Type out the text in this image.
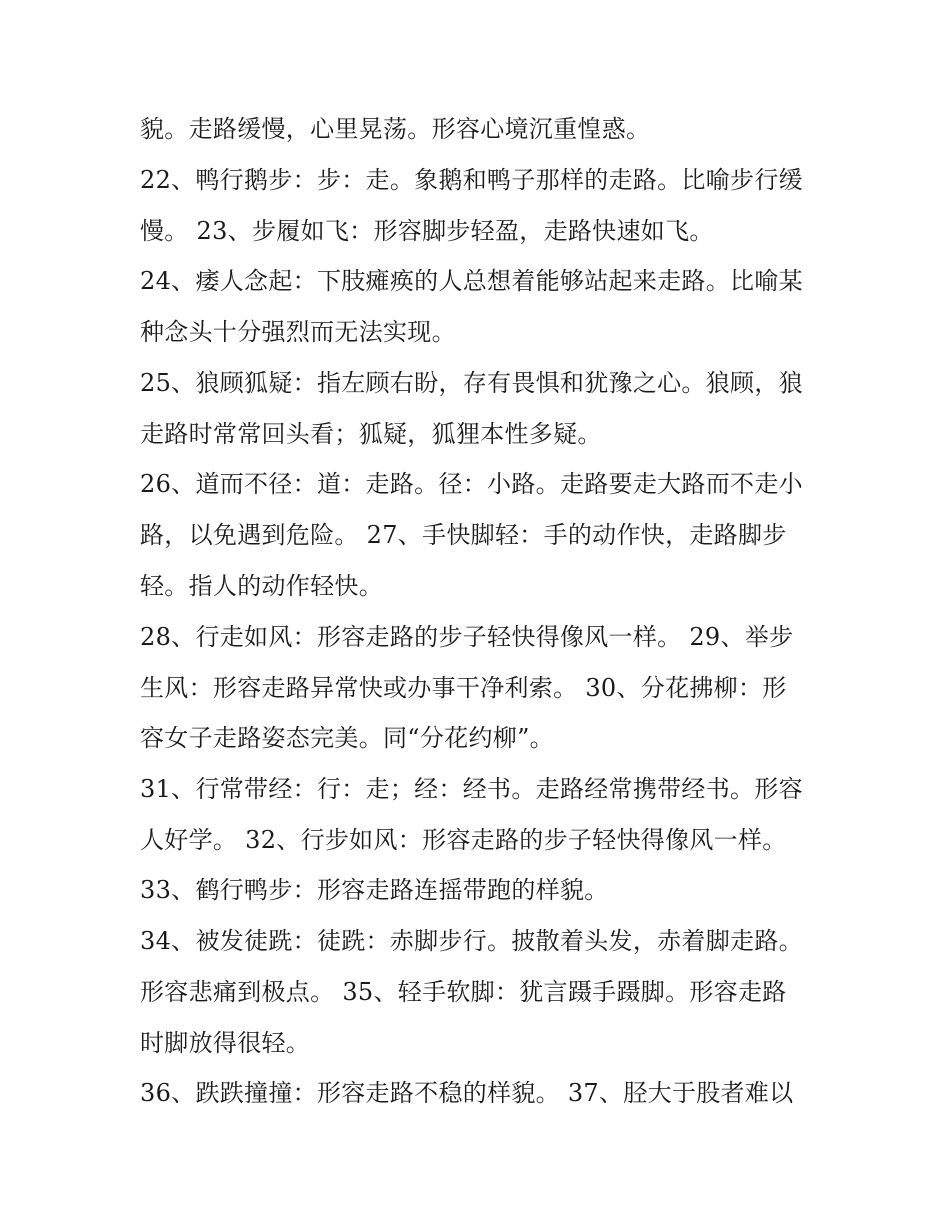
貌。走路缓慢，心里晃荡。形容心境沉重惶惑。
22、鸭行鹅步：步：走。象鹅和鸭子那样的走路。比喻步行缓
慢。 23、步履如飞：形容脚步轻盈，走路快速如飞。
24、痿人念起：下肢瘫痪的人总想着能够站起来走路。比喻某
种念头十分强烈而无法实现。
25、狼顾狐疑：指左顾右盼，存有畏惧和犹豫之心。狼顾，狼
走路时常常回头看；狐疑，狐狸本性多疑。
26、道而不径：道：走路。径：小路。走路要走大路而不走小
路，以免遇到危险。 27、手快脚轻：手的动作快，走路脚步
轻。指人的动作轻快。
28、行走如风：形容走路的步子轻快得像风一样。 29、举步
生风：形容走路异常快或办事干净利索。 30、分花拂柳：形
容女子走路姿态完美。同“分花约柳”。
31、行常带经：行：走；经：经书。走路经常携带经书。形容
人好学。 32、行步如风：形容走路的步子轻快得像风一样。
33、鹤行鸭步：形容走路连摇带跑的样貌。
34、被发徒跣：徒跣：赤脚步行。披散着头发，赤着脚走路。
形容悲痛到极点。 35、轻手软脚：犹言蹑手蹑脚。形容走路
时脚放得很轻。
36、跌跌撞撞：形容走路不稳的样貌。 37、胫大于股者难以
